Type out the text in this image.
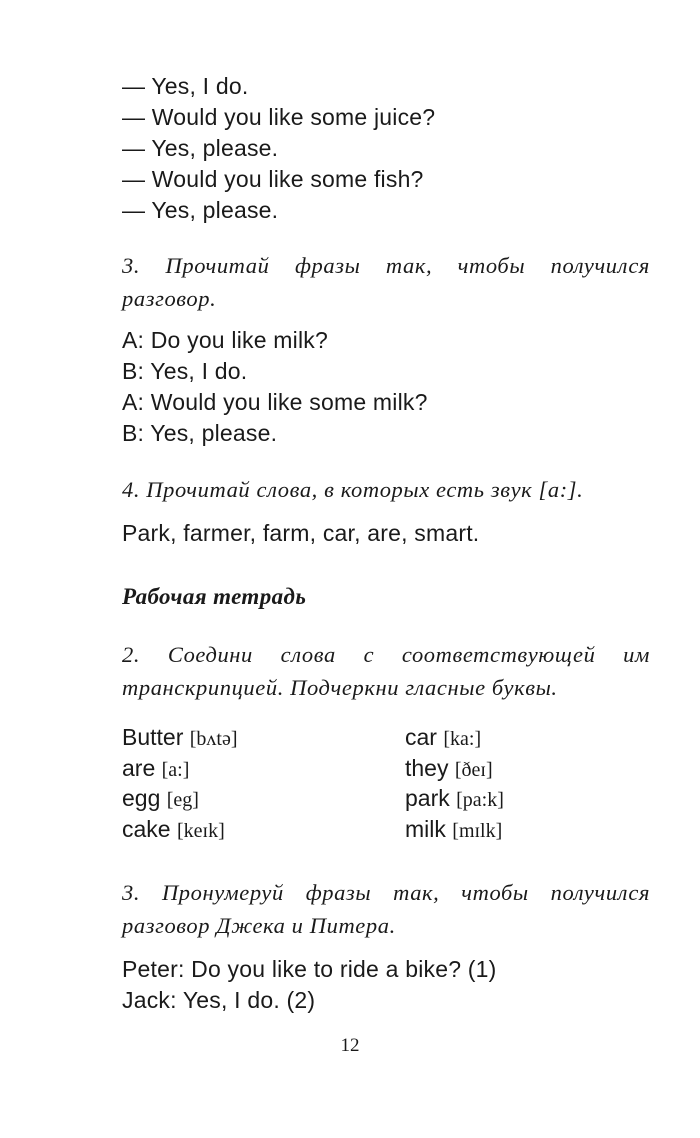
— Yes, I do.
— Would you like some juice?
— Yes, please.
— Would you like some fish?
— Yes, please.
3. Прочитай фразы так, чтобы получился разговор.
A: Do you like milk?
B: Yes, I do.
A: Would you like some milk?
B: Yes, please.
4. Прочитай слова, в которых есть звук [a:].
Park, farmer, farm, car, are, smart.
Рабочая тетрадь
2. Соедини слова с соответствующей им транскрипцией. Подчеркни гласные буквы.
Butter [bʌtə]	car [ka:]
are [a:]	they [ðeɪ]
egg [eg]	park [pa:k]
cake [keɪk]	milk [mɪlk]
3. Пронумеруй фразы так, чтобы получился разговор Джека и Питера.
Peter: Do you like to ride a bike? (1)
Jack: Yes, I do. (2)
12
